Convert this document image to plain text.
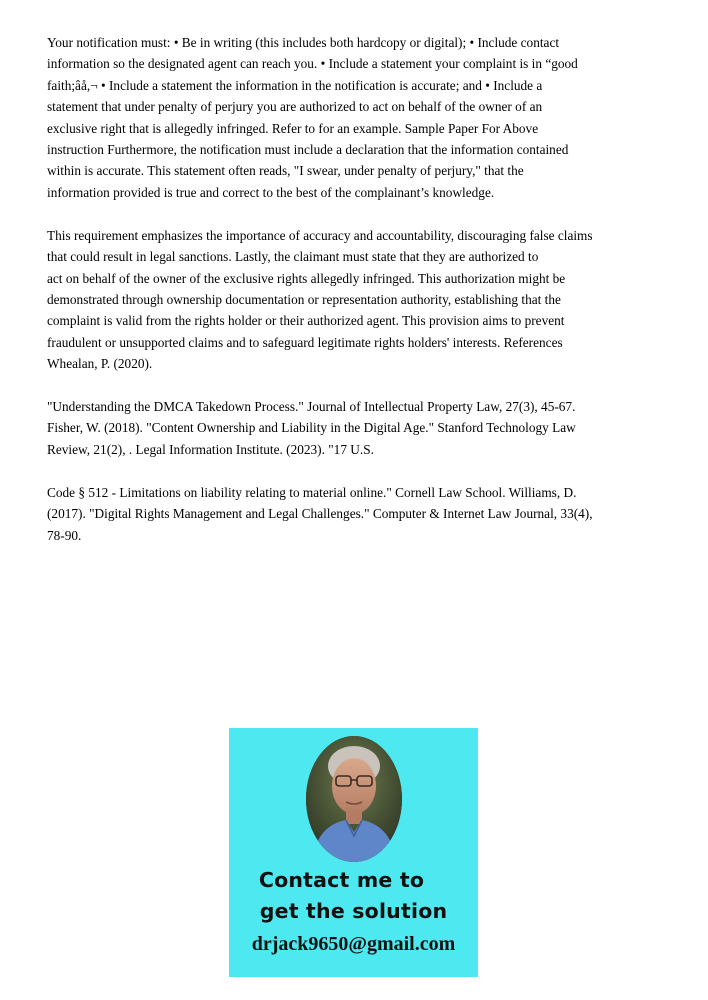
Your notification must: • Be in writing (this includes both hardcopy or digital); • Include contact
information so the designated agent can reach you. • Include a statement your complaint is in “good
faith;âå,¬ • Include a statement the information in the notification is accurate; and • Include a
statement that under penalty of perjury you are authorized to act on behalf of the owner of an
exclusive right that is allegedly infringed. Refer to for an example. Sample Paper For Above
instruction Furthermore, the notification must include a declaration that the information contained
within is accurate. This statement often reads, "I swear, under penalty of perjury," that the
information provided is true and correct to the best of the complainant’s knowledge.
This requirement emphasizes the importance of accuracy and accountability, discouraging false claims
that could result in legal sanctions. Lastly, the claimant must state that they are authorized to
act on behalf of the owner of the exclusive rights allegedly infringed. This authorization might be
demonstrated through ownership documentation or representation authority, establishing that the
complaint is valid from the rights holder or their authorized agent. This provision aims to prevent
fraudulent or unsupported claims and to safeguard legitimate rights holders' interests. References
Whealan, P. (2020).
"Understanding the DMCA Takedown Process." Journal of Intellectual Property Law, 27(3), 45-67.
Fisher, W. (2018). "Content Ownership and Liability in the Digital Age." Stanford Technology Law
Review, 21(2), . Legal Information Institute. (2023). "17 U.S.
Code § 512 - Limitations on liability relating to material online." Cornell Law School. Williams, D.
(2017). "Digital Rights Management and Legal Challenges." Computer & Internet Law Journal, 33(4),
78-90.
Contact me to
get the solution
drjack9650@gmail.com
